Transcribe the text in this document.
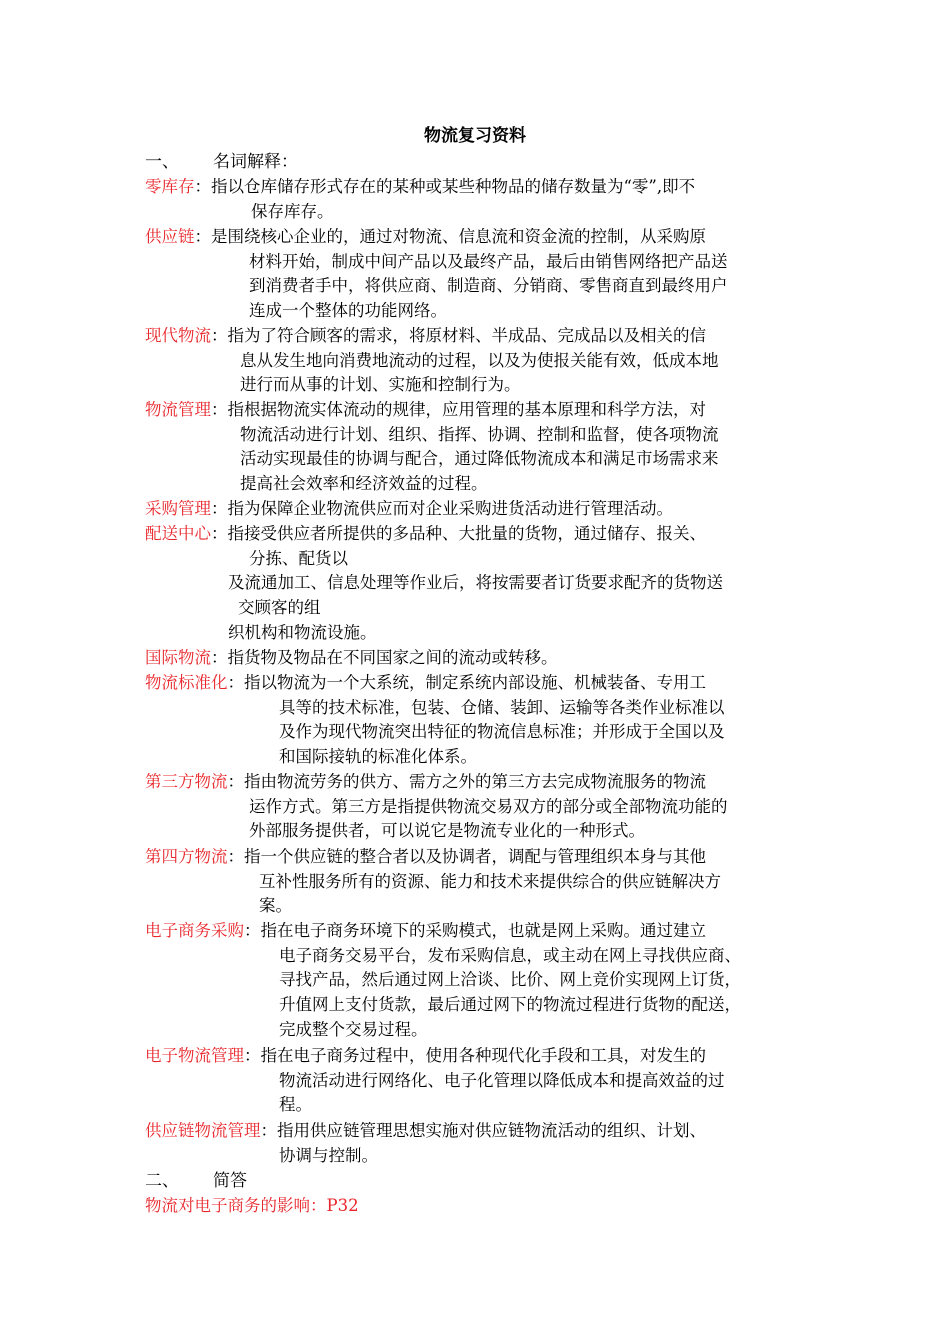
物流复习资料
一、 名词解释：
零库存：指以仓库储存形式存在的某种或某些种物品的储存数量为“零”,即不
保存库存。
供应链：是围绕核心企业的，通过对物流、信息流和资金流的控制，从采购原
材料开始，制成中间产品以及最终产品，最后由销售网络把产品送
到消费者手中，将供应商、制造商、分销商、零售商直到最终用户
连成一个整体的功能网络。
现代物流：指为了符合顾客的需求，将原材料、半成品、完成品以及相关的信
息从发生地向消费地流动的过程，以及为使报关能有效，低成本地
进行而从事的计划、实施和控制行为。
物流管理：指根据物流实体流动的规律，应用管理的基本原理和科学方法，对
物流活动进行计划、组织、指挥、协调、控制和监督，使各项物流
活动实现最佳的协调与配合，通过降低物流成本和满足市场需求来
提高社会效率和经济效益的过程。
采购管理：指为保障企业物流供应而对企业采购进货活动进行管理活动。
配送中心：指接受供应者所提供的多品种、大批量的货物，通过储存、报关、
分拣、配货以
及流通加工、信息处理等作业后，将按需要者订货要求配齐的货物送
交顾客的组
织机构和物流设施。
国际物流：指货物及物品在不同国家之间的流动或转移。
物流标准化：指以物流为一个大系统，制定系统内部设施、机械装备、专用工
具等的技术标准，包装、仓储、装卸、运输等各类作业标准以
及作为现代物流突出特征的物流信息标准；并形成于全国以及
和国际接轨的标准化体系。
第三方物流：指由物流劳务的供方、需方之外的第三方去完成物流服务的物流
运作方式。第三方是指提供物流交易双方的部分或全部物流功能的
外部服务提供者，可以说它是物流专业化的一种形式。
第四方物流：指一个供应链的整合者以及协调者，调配与管理组织本身与其他
互补性服务所有的资源、能力和技术来提供综合的供应链解决方
案。
电子商务采购：指在电子商务环境下的采购模式，也就是网上采购。通过建立
电子商务交易平台，发布采购信息，或主动在网上寻找供应商、
寻找产品，然后通过网上洽谈、比价、网上竞价实现网上订货，
升值网上支付货款，最后通过网下的物流过程进行货物的配送，
完成整个交易过程。
电子物流管理：指在电子商务过程中，使用各种现代化手段和工具，对发生的
物流活动进行网络化、电子化管理以降低成本和提高效益的过
程。
供应链物流管理：指用供应链管理思想实施对供应链物流活动的组织、计划、
协调与控制。
二、 简答
物流对电子商务的影响：P32
